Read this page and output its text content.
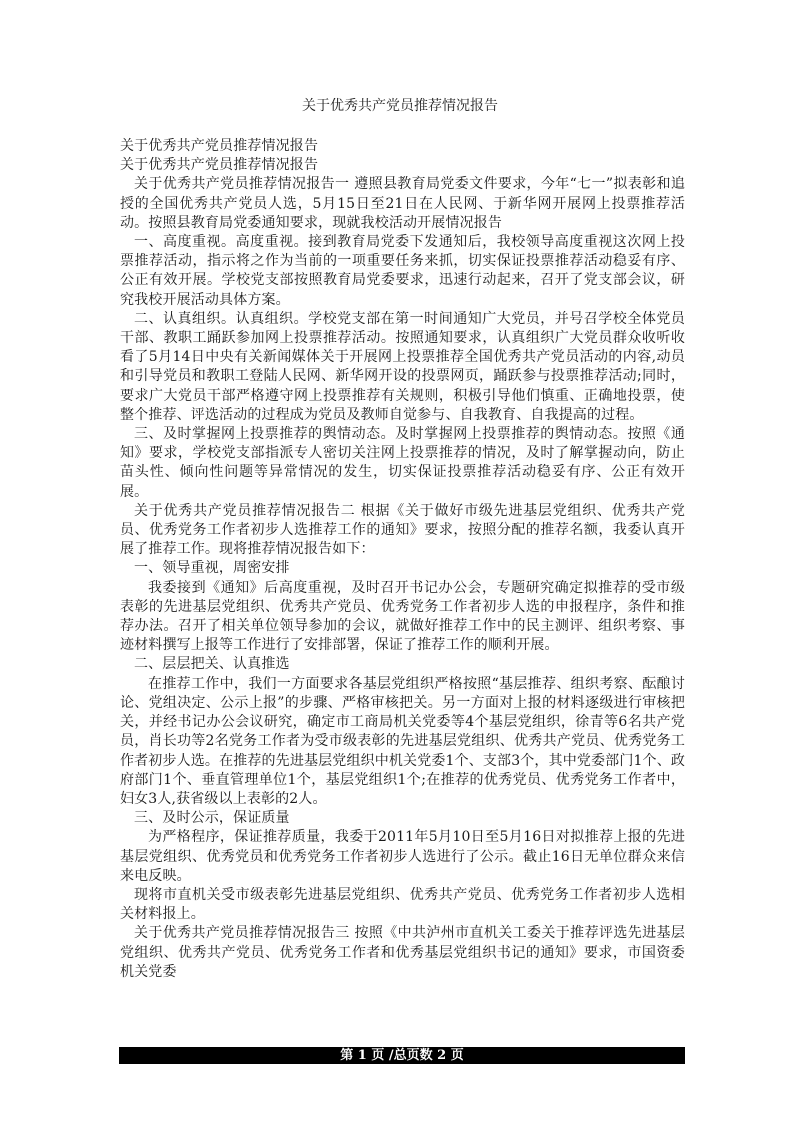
关于优秀共产党员推荐情况报告

关于优秀共产党员推荐情况报告

关于优秀共产党员推荐情况报告

关于优秀共产党员推荐情况报告一 遵照县教育局党委文件要求，今年“七一”拟表彰和追授的全国优秀共产党员人选，5月15日至21日在人民网、于新华网开展网上投票推荐活动。按照县教育局党委通知要求，现就我校活动开展情况报告

一、高度重视。高度重视。接到教育局党委下发通知后，我校领导高度重视这次网上投票推荐活动，指示将之作为当前的一项重要任务来抓，切实保证投票推荐活动稳妥有序、公正有效开展。学校党支部按照教育局党委要求，迅速行动起来，召开了党支部会议，研究我校开展活动具体方案。

二、认真组织。认真组织。学校党支部在第一时间通知广大党员，并号召学校全体党员干部、教职工踊跃参加网上投票推荐活动。按照通知要求，认真组织广大党员群众收听收看了5月14日中央有关新闻媒体关于开展网上投票推荐全国优秀共产党员活动的内容,动员和引导党员和教职工登陆人民网、新华网开设的投票网页，踊跃参与投票推荐活动;同时，要求广大党员干部严格遵守网上投票推荐有关规则，积极引导他们慎重、正确地投票，使整个推荐、评选活动的过程成为党员及教师自觉参与、自我教育、自我提高的过程。

三、及时掌握网上投票推荐的舆情动态。及时掌握网上投票推荐的舆情动态。按照《通知》要求，学校党支部指派专人密切关注网上投票推荐的情况，及时了解掌握动向，防止苗头性、倾向性问题等异常情况的发生，切实保证投票推荐活动稳妥有序、公正有效开展。

关于优秀共产党员推荐情况报告二 根据《关于做好市级先进基层党组织、优秀共产党员、优秀党务工作者初步人选推荐工作的通知》要求，按照分配的推荐名额，我委认真开展了推荐工作。现将推荐情况报告如下：

一、领导重视，周密安排

我委接到《通知》后高度重视，及时召开书记办公会，专题研究确定拟推荐的受市级表彰的先进基层党组织、优秀共产党员、优秀党务工作者初步人选的申报程序，条件和推荐办法。召开了相关单位领导参加的会议，就做好推荐工作中的民主测评、组织考察、事迹材料撰写上报等工作进行了安排部署，保证了推荐工作的顺利开展。

二、层层把关、认真推选

在推荐工作中，我们一方面要求各基层党组织严格按照“基层推荐、组织考察、酝酿讨论、党组决定、公示上报”的步骤、严格审核把关。另一方面对上报的材料逐级进行审核把关，并经书记办公会议研究，确定市工商局机关党委等4个基层党组织，徐青等6名共产党员，肖长功等2名党务工作者为受市级表彰的先进基层党组织、优秀共产党员、优秀党务工作者初步人选。在推荐的先进基层党组织中机关党委1个、支部3个，其中党委部门1个、政府部门1个、垂直管理单位1个，基层党组织1个;在推荐的优秀党员、优秀党务工作者中，妇女3人,获省级以上表彰的2人。

三、及时公示，保证质量

为严格程序，保证推荐质量，我委于2011年5月10日至5月16日对拟推荐上报的先进基层党组织、优秀党员和优秀党务工作者初步人选进行了公示。截止16日无单位群众来信来电反映。

现将市直机关受市级表彰先进基层党组织、优秀共产党员、优秀党务工作者初步人选相关材料报上。

关于优秀共产党员推荐情况报告三 按照《中共泸州市直机关工委关于推荐评选先进基层党组织、优秀共产党员、优秀党务工作者和优秀基层党组织书记的通知》要求，市国资委机关党委

第 1 页 /总页数 2 页
